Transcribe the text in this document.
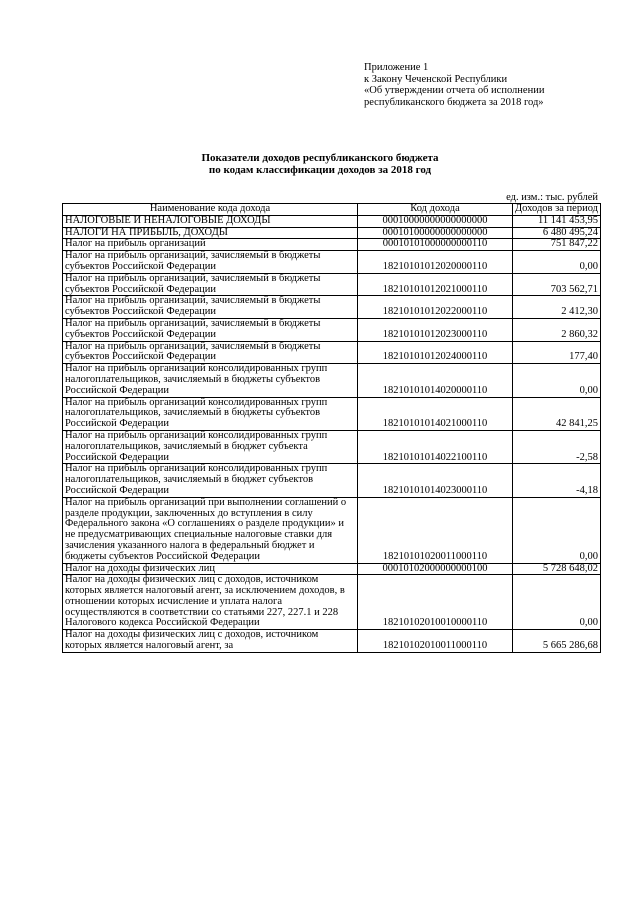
Приложение 1
к Закону Чеченской Республики
«Об утверждении отчета об исполнении
республиканского бюджета за 2018 год»
Показатели доходов республиканского бюджета
по кодам классификации доходов за 2018 год
ед. изм.: тыс. рублей
Наименование кода дохода	Код дохода	Доходов за период
НАЛОГОВЫЕ И НЕНАЛОГОВЫЕ ДОХОДЫ	00010000000000000000	11 141 453,95
НАЛОГИ НА ПРИБЫЛЬ, ДОХОДЫ	00010100000000000000	6 480 495,24
Налог на прибыль организаций	00010101000000000110	751 847,22
Налог на прибыль организаций, зачисляемый в бюджеты субъектов Российской Федерации	18210101012020000110	0,00
Налог на прибыль организаций, зачисляемый в бюджеты субъектов Российской Федерации	18210101012021000110	703 562,71
Налог на прибыль организаций, зачисляемый в бюджеты субъектов Российской Федерации	18210101012022000110	2 412,30
Налог на прибыль организаций, зачисляемый в бюджеты субъектов Российской Федерации	18210101012023000110	2 860,32
Налог на прибыль организаций, зачисляемый в бюджеты субъектов Российской Федерации	18210101012024000110	177,40
Налог на прибыль организаций консолидированных групп налогоплательщиков, зачисляемый в бюджеты субъектов Российской Федерации	18210101014020000110	0,00
Налог на прибыль организаций консолидированных групп налогоплательщиков, зачисляемый в бюджеты субъектов Российской Федерации	18210101014021000110	42 841,25
Налог на прибыль организаций консолидированных групп налогоплательщиков, зачисляемый в бюджет субъекта Российской Федерации	18210101014022100110	-2,58
Налог на прибыль организаций консолидированных групп налогоплательщиков, зачисляемый в бюджет субъектов Российской Федерации	18210101014023000110	-4,18
Налог на прибыль организаций при выполнении соглашений о разделе продукции, заключенных до вступления в силу Федерального закона «О соглашениях о разделе продукции» и не предусматривающих специальные налоговые ставки для зачисления указанного налога в федеральный бюджет и бюджеты субъектов Российской Федерации	18210101020011000110	0,00
Налог на доходы физических лиц	00010102000000000100	5 728 648,02
Налог на доходы физических лиц с доходов, источником которых является налоговый агент, за исключением доходов, в отношении которых исчисление и уплата налога осуществляются в соответствии со статьями 227, 227.1 и 228 Налогового кодекса Российской Федерации	18210102010010000110	0,00
Налог на доходы физических лиц с доходов, источником которых является налоговый агент, за	18210102010011000110	5 665 286,68
